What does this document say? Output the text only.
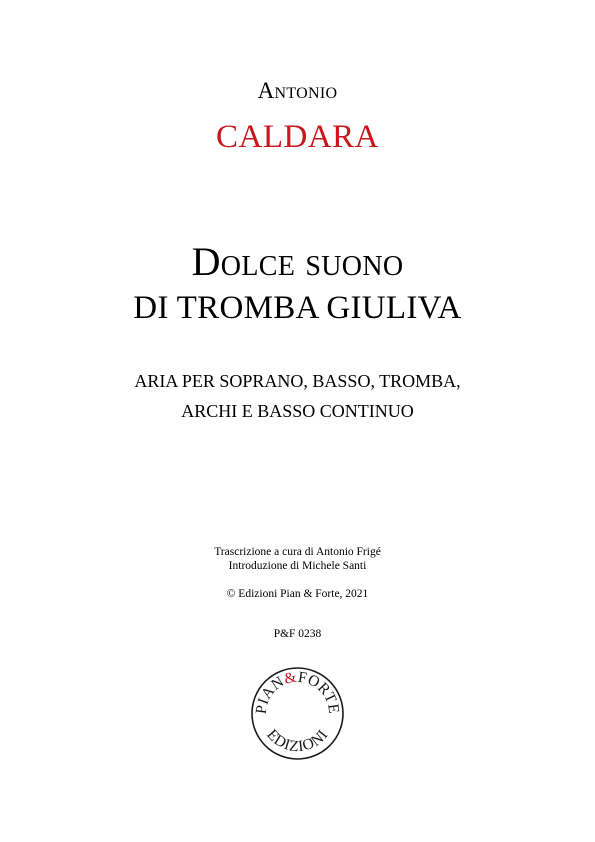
Antonio
CALDARA
Dolce suono
DI TROMBA GIULIVA
ARIA PER SOPRANO, BASSO, TROMBA,
ARCHI E BASSO CONTINUO
Trascrizione a cura di Antonio Frigé
Introduzione di Michele Santi
© Edizioni Pian & Forte, 2021
P&F 0238
PIAN&FORTE
EDIZIONI
